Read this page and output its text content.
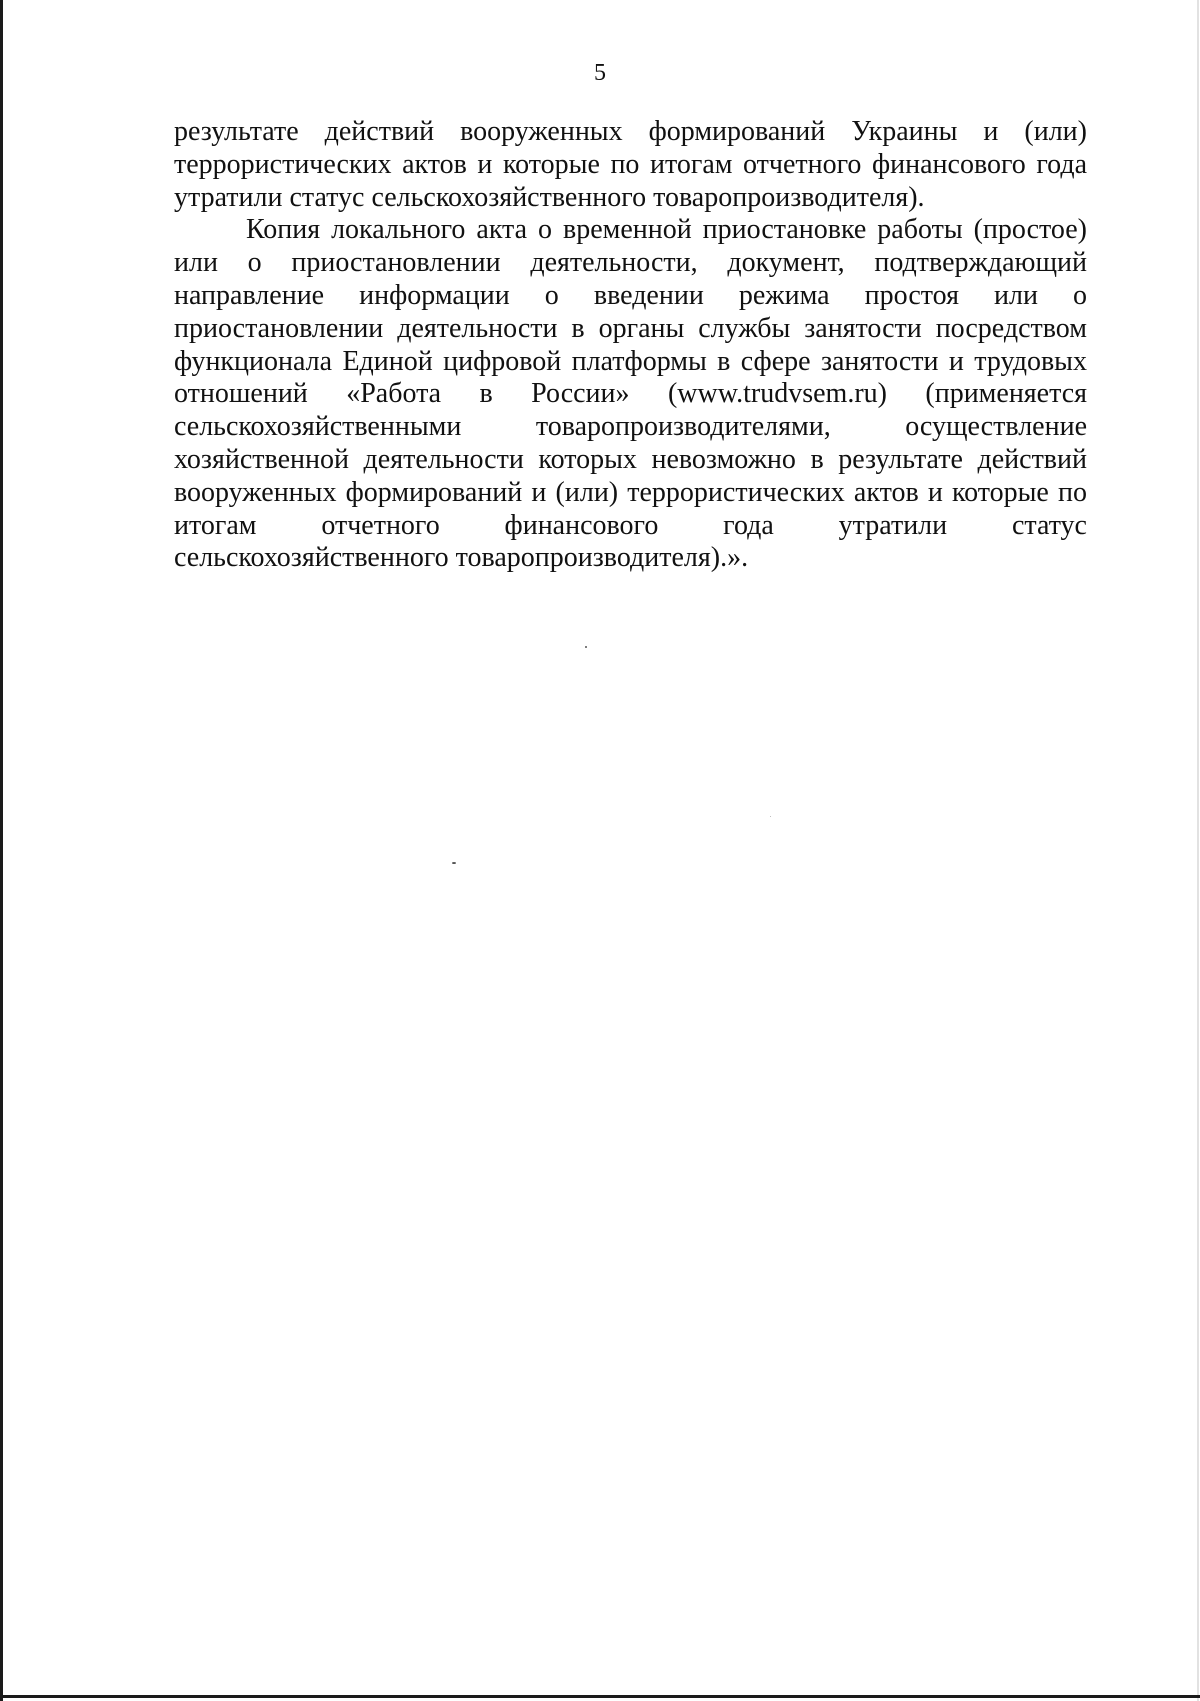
5

результате действий вооруженных формирований Украины и (или)
террористических актов и которые по итогам отчетного финансового года
утратили статус сельскохозяйственного товаропроизводителя).

Копия локального акта о временной приостановке работы (простое)
или о приостановлении деятельности, документ, подтверждающий
направление информации о введении режима простоя или о
приостановлении деятельности в органы службы занятости посредством
функционала Единой цифровой платформы в сфере занятости и трудовых
отношений «Работа в России» (www.trudvsem.ru) (применяется
сельскохозяйственными товаропроизводителями, осуществление
хозяйственной деятельности которых невозможно в результате действий
вооруженных формирований и (или) террористических актов и которые по
итогам отчетного финансового года утратили статус
сельскохозяйственного товаропроизводителя).».
